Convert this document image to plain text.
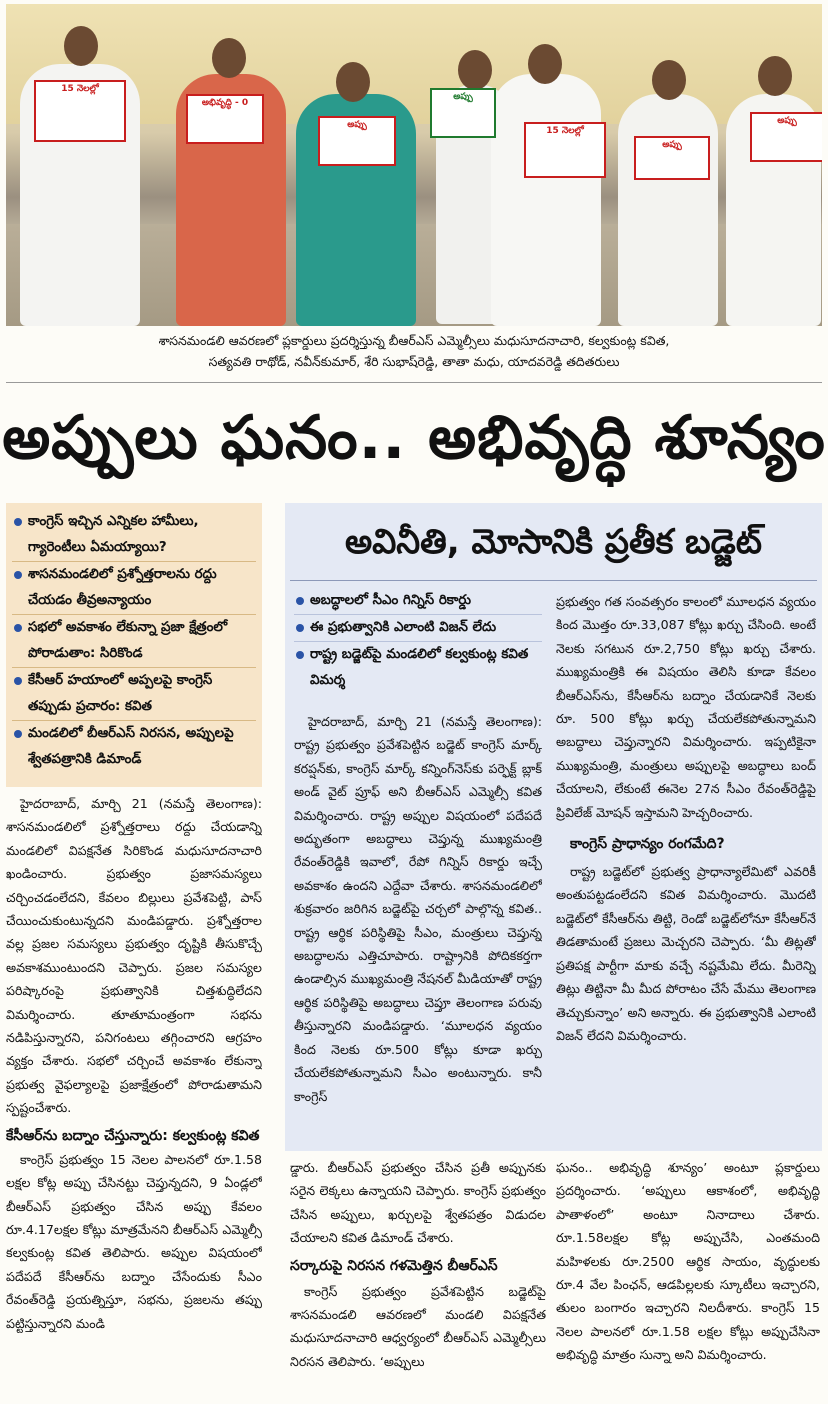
15 నెలల్లో
అభివృద్ధి - 0
అప్పు
అప్పు
15 నెలల్లో
అప్పు
అప్పు
శాసనమండలి ఆవరణలో ప్లకార్డులు ప్రదర్శిస్తున్న బీఆర్‌ఎస్‌ ఎమ్మెల్సీలు మధుసూదనాచారి, కల్వకుంట్ల కవిత,
సత్యవతి రాథోడ్‌, నవీన్‌కుమార్‌, శేరి సుభాష్‌రెడ్డి, తాతా మధు, యాదవరెడ్డి తదితరులు
అప్పులు ఘనం.. అభివృద్ధి శూన్యం
కాంగ్రెస్‌ ఇచ్చిన ఎన్నికల హామీలు, గ్యారెంటీలు ఏమయ్యాయి?
శాసనమండలిలో ప్రశ్నోత్తరాలను రద్దు చేయడం తీవ్రఅన్యాయం
సభలో అవకాశం లేకున్నా ప్రజా క్షేత్రంలో పోరాడుతాం: సిరికొండ
కేసీఆర్‌ హయాంలో అప్పలపై కాంగ్రెస్‌ తప్పుడు ప్రచారం: కవిత
మండలిలో బీఆర్‌ఎస్‌ నిరసన, అప్పులపై శ్వేతపత్రానికి డిమాండ్‌

హైదరాబాద్‌, మార్చి 21 (నమస్తే తెలంగాణ): శాసనమండలిలో ప్రశ్నోత్తరాలు రద్దు చేయడాన్ని మండలిలో విపక్షనేత సిరికొండ మధుసూదనాచారి ఖండించారు. ప్రభుత్వం ప్రజాసమస్యలు చర్చించడంలేదని, కేవలం బిల్లులు ప్రవేశపెట్టి, పాస్‌ చేయించుకుంటున్నదని మండిపడ్డారు. ప్రశ్నోత్తరాల వల్ల ప్రజల సమస్యలు ప్రభుత్వం దృష్టికి తీసుకొచ్చే అవకాశముంటుందని చెప్పారు. ప్రజల సమస్యల పరిష్కారంపై ప్రభుత్వానికి చిత్తశుద్ధిలేదని విమర్శించారు. తూతూమంత్రంగా సభను నడిపిస్తున్నారని, పనిగంటలు తగ్గించారని ఆగ్రహం వ్యక్తం చేశారు. సభలో చర్చించే అవకాశం లేకున్నా ప్రభుత్వ వైఫల్యాలపై ప్రజాక్షేత్రంలో పోరాడుతామని స్పష్టంచేశారు.

కేసీఆర్‌ను బద్నాం చేస్తున్నారు: కల్వకుంట్ల కవిత

కాంగ్రెస్‌ ప్రభుత్వం 15 నెలల పాలనలో రూ.1.58 లక్షల కోట్ల అప్పు చేసినట్టు చెప్తున్నదని, 9 ఏండ్లలో బీఆర్‌ఎస్‌ ప్రభుత్వం చేసిన అప్పు కేవలం రూ.4.17లక్షల కోట్లు మాత్రమేనని బీఆర్‌ఎస్‌ ఎమ్మెల్సీ కల్వకుంట్ల కవిత తెలిపారు. అప్పుల విషయంలో పదేపదే కేసీఆర్‌ను బద్నాం చేసేందుకు సీఎం రేవంత్‌రెడ్డి ప్రయత్నిస్తూ, సభను, ప్రజలను తప్పు పట్టిస్తున్నారని మండి

అవినీతి, మోసానికి ప్రతీక బడ్జెట్‌
అబద్ధాలలో సీఎం గిన్నిస్‌ రికార్డు
ఈ ప్రభుత్వానికి ఎలాంటి విజన్‌ లేదు
రాష్ట్ర బడ్జెట్‌పై మండలిలో కల్వకుంట్ల కవిత విమర్శ

హైదరాబాద్‌, మార్చి 21 (నమస్తే తెలంగాణ): రాష్ట్ర ప్రభుత్వం ప్రవేశపెట్టిన బడ్జెట్‌ కాంగ్రెస్‌ మార్క్‌ కరప్షన్‌కు, కాంగ్రెస్‌ మార్క్‌ కన్నింగ్‌నెస్‌కు పర్ఫెక్ట్‌ బ్లాక్‌ అండ్‌ వైట్‌ ప్రూఫ్‌ అని బీఆర్‌ఎస్‌ ఎమ్మెల్సీ కవిత విమర్శించారు. రాష్ట్ర అప్పుల విషయంలో పదేపదే అద్భుతంగా అబద్ధాలు చెప్తున్న ముఖ్యమంత్రి రేవంత్‌రెడ్డికి ఇవాలో, రేపో గిన్నిస్‌ రికార్డు ఇచ్చే అవకాశం ఉందని ఎద్దేవా చేశారు. శాసనమండలిలో శుక్రవారం జరిగిన బడ్జెట్‌పై చర్చలో పాల్గొన్న కవిత.. రాష్ట్ర ఆర్థిక పరిస్థితిపై సీఎం, మంత్రులు చెప్తున్న అబద్ధాలను ఎత్తిచూపారు. రాష్ట్రానికి పోదికకర్తగా ఉండాల్సిన ముఖ్యమంత్రి నేషనల్‌ మీడియాతో రాష్ట్ర ఆర్థిక పరిస్థితిపై అబద్ధాలు చెప్తూ తెలంగాణ పరువు తీస్తున్నారని మండిపడ్డారు. ‘మూలధన వ్యయం కింద నెలకు రూ.500 కోట్లు కూడా ఖర్చు చేయలేకపోతున్నామని సీఎం అంటున్నారు. కానీ కాంగ్రెస్‌

ప్రభుత్వం గత సంవత్సరం కాలంలో మూలధన వ్యయం కింద మొత్తం రూ.33,087 కోట్లు ఖర్చు చేసింది. అంటే నెలకు సగటున రూ.2,750 కోట్లు ఖర్చు చేశారు. ముఖ్యమంత్రికి ఈ విషయం తెలిసి కూడా కేవలం బీఆర్‌ఎస్‌ను, కేసీఆర్‌ను బద్నాం చేయడానికే నెలకు రూ. 500 కోట్లు ఖర్చు చేయలేకపోతున్నామని అబద్ధాలు చెప్తున్నారని విమర్శించారు. ఇప్పటికైనా ముఖ్యమంత్రి, మంత్రులు అప్పులపై అబద్ధాలు బంద్‌ చేయాలని, లేకుంటే ఈనెల 27న సీఎం రేవంత్‌రెడ్డిపై ప్రివిలేజ్‌ మోషన్‌ ఇస్తామని హెచ్చరించారు.

కాంగ్రెస్‌ ప్రాధాన్యం రంగమేది?

రాష్ట్ర బడ్జెట్‌లో ప్రభుత్వ ప్రాధాన్యాలేమిటో ఎవరికీ అంతుపట్టడంలేదని కవిత విమర్శించారు. మొదటి బడ్జెట్‌లో కేసీఆర్‌ను తిట్టి, రెండో బడ్జెట్‌లోనూ కేసీఆర్‌నే తిడతామంటే ప్రజలు మెచ్చరని చెప్పారు. ‘మీ తిట్లతో ప్రతిపక్ష పార్టీగా మాకు వచ్చే నష్టమేమి లేదు. మీరెన్ని తిట్లు తిట్టినా మీ మీద పోరాటం చేసే మేము తెలంగాణ తెచ్చుకున్నాం’ అని అన్నారు. ఈ ప్రభుత్వానికి ఎలాంటి విజన్‌ లేదని విమర్శించారు.

డ్డారు. బీఆర్‌ఎస్‌ ప్రభుత్వం చేసిన ప్రతీ అప్పునకు సరైన లెక్కలు ఉన్నాయని చెప్పారు. కాంగ్రెస్‌ ప్రభుత్వం చేసిన అప్పులు, ఖర్చులపై శ్వేతపత్రం విడుదల చేయాలని కవిత డిమాండ్‌ చేశారు.

సర్కారుపై నిరసన గళమెత్తిన బీఆర్‌ఎస్‌

కాంగ్రెస్‌ ప్రభుత్వం ప్రవేశపెట్టిన బడ్జెట్‌పై శాసనమండలి ఆవరణలో మండలి విపక్షనేత మధుసూదనాచారి ఆధ్వర్యంలో బీఆర్‌ఎస్‌ ఎమ్మెల్సీలు నిరసన తెలిపారు. ‘అప్పులు

ఘనం.. అభివృద్ధి శూన్యం’ అంటూ ప్లకార్డులు ప్రదర్శించారు. ‘అప్పులు ఆకాశంలో, అభివృద్ధి పాతాళంలో’ అంటూ నినాదాలు చేశారు. రూ.1.58లక్షల కోట్ల అప్పుచేసి, ఎంతమంది మహిళలకు రూ.2500 ఆర్థిక సాయం, వృద్ధులకు రూ.4 వేల పింఛన్‌, ఆడపిల్లలకు స్కూటీలు ఇచ్చారని, తులం బంగారం ఇచ్చారని నిలదీశారు. కాంగ్రెస్‌ 15 నెలల పాలనలో రూ.1.58 లక్షల కోట్లు అప్పుచేసినా అభివృద్ధి మాత్రం సున్నా అని విమర్శించారు.
